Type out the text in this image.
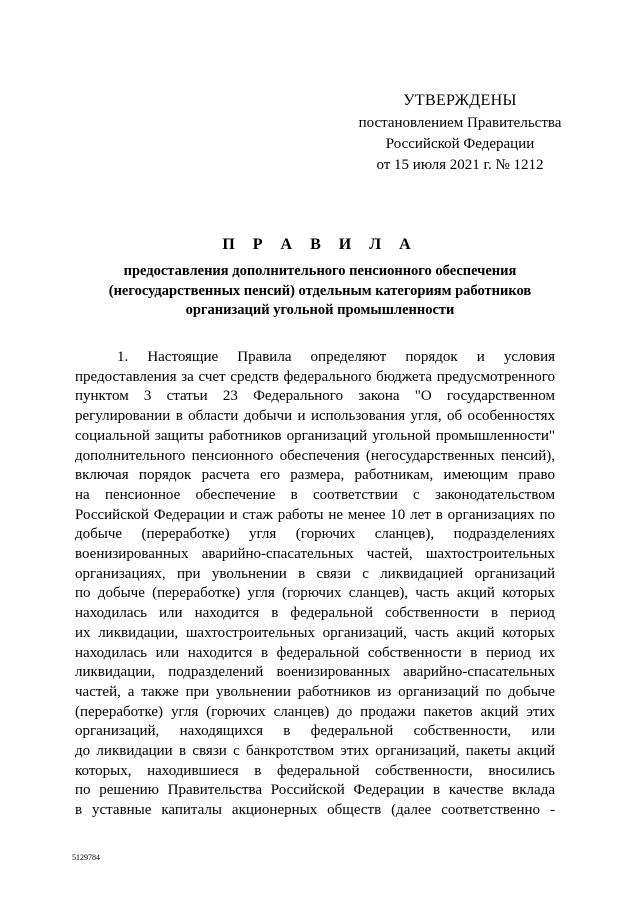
УТВЕРЖДЕНЫ
постановлением Правительства
Российской Федерации
от 15 июля 2021 г. № 1212
П Р А В И Л А
предоставления дополнительного пенсионного обеспечения
(негосударственных пенсий) отдельным категориям работников
организаций угольной промышленности
1. Настоящие Правила определяют порядок и условия
предоставления за счет средств федерального бюджета предусмотренного
пунктом 3 статьи 23 Федерального закона "О государственном
регулировании в области добычи и использования угля, об особенностях
социальной защиты работников организаций угольной промышленности"
дополнительного пенсионного обеспечения (негосударственных пенсий),
включая порядок расчета его размера, работникам, имеющим право
на пенсионное обеспечение в соответствии с законодательством
Российской Федерации и стаж работы не менее 10 лет в организациях по
добыче (переработке) угля (горючих сланцев), подразделениях
военизированных аварийно-спасательных частей, шахтостроительных
организациях, при увольнении в связи с ликвидацией организаций
по добыче (переработке) угля (горючих сланцев), часть акций которых
находилась или находится в федеральной собственности в период
их ликвидации, шахтостроительных организаций, часть акций которых
находилась или находится в федеральной собственности в период их
ликвидации, подразделений военизированных аварийно-спасательных
частей, а также при увольнении работников из организаций по добыче
(переработке) угля (горючих сланцев) до продажи пакетов акций этих
организаций, находящихся в федеральной собственности, или
до ликвидации в связи с банкротством этих организаций, пакеты акций
которых, находившиеся в федеральной собственности, вносились
по решению Правительства Российской Федерации в качестве вклада
в уставные капиталы акционерных обществ (далее соответственно -
5129784
